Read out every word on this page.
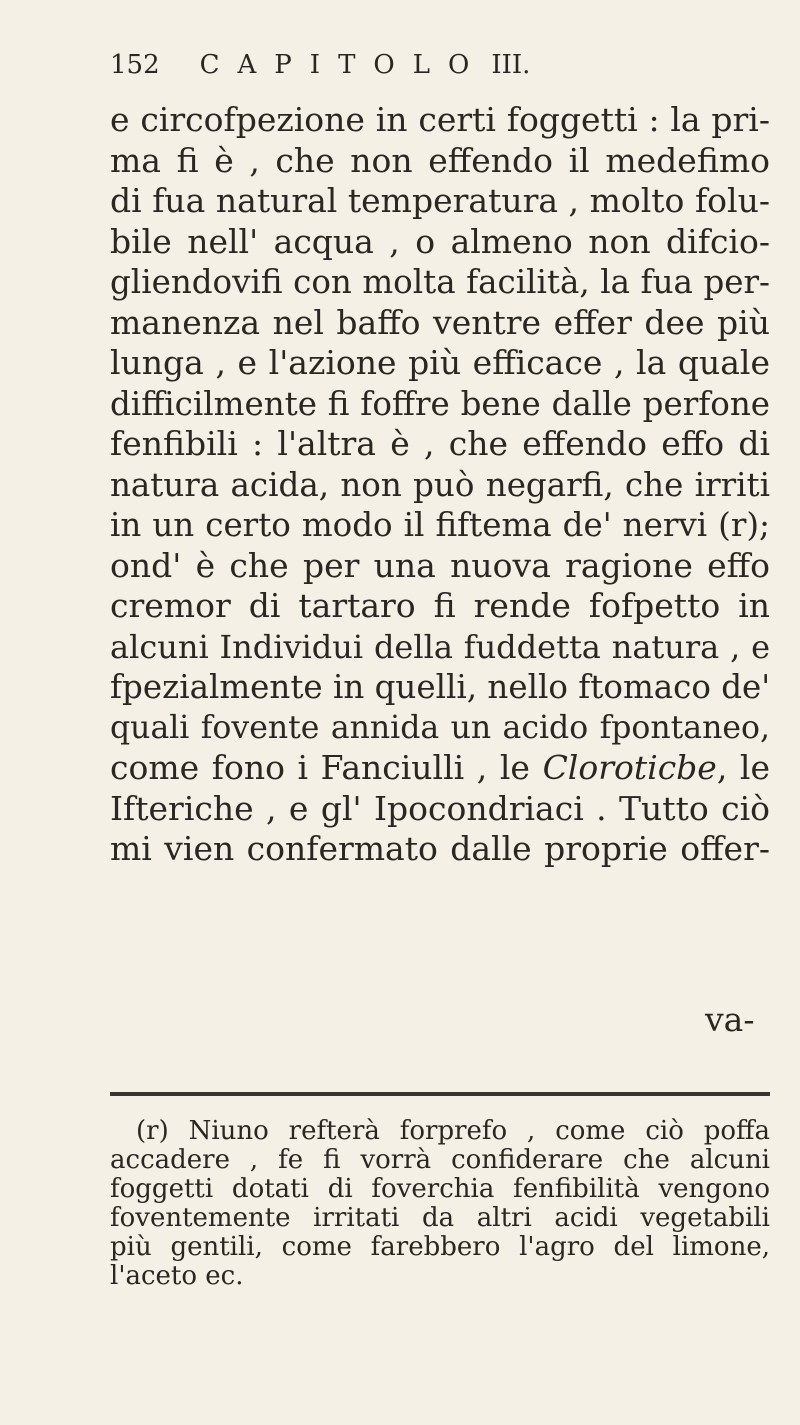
152 CAPITOLO III.
e circofpezione in certi foggetti : la pri-
ma fi è , che non effendo il medefimo
di fua natural temperatura , molto folu-
bile nell' acqua , o almeno non difcio-
gliendovifi con molta facilità, la fua per-
manenza nel baffo ventre effer dee più
lunga , e l'azione più efficace , la quale
difficilmente fi foffre bene dalle perfone
fenfibili : l'altra è , che effendo effo di
natura acida, non può negarfi, che irriti
in un certo modo il fiftema de' nervi (r);
ond' è che per una nuova ragione effo
cremor di tartaro fi rende fofpetto in
alcuni Individui della fuddetta natura , e
fpezialmente in quelli, nello ftomaco de'
quali fovente annida un acido fpontaneo,
come fono i Fanciulli , le Cloroticbe, le
Ifteriche , e gl' Ipocondriaci . Tutto ciò
mi vien confermato dalle proprie offer-
va-
(r) Niuno refterà forprefo , come ciò poffa
accadere , fe fi vorrà confiderare che alcuni
foggetti dotati di foverchia fenfibilità vengono
foventemente irritati da altri acidi vegetabili
più gentili, come farebbero l'agro del limone,
l'aceto ec.
